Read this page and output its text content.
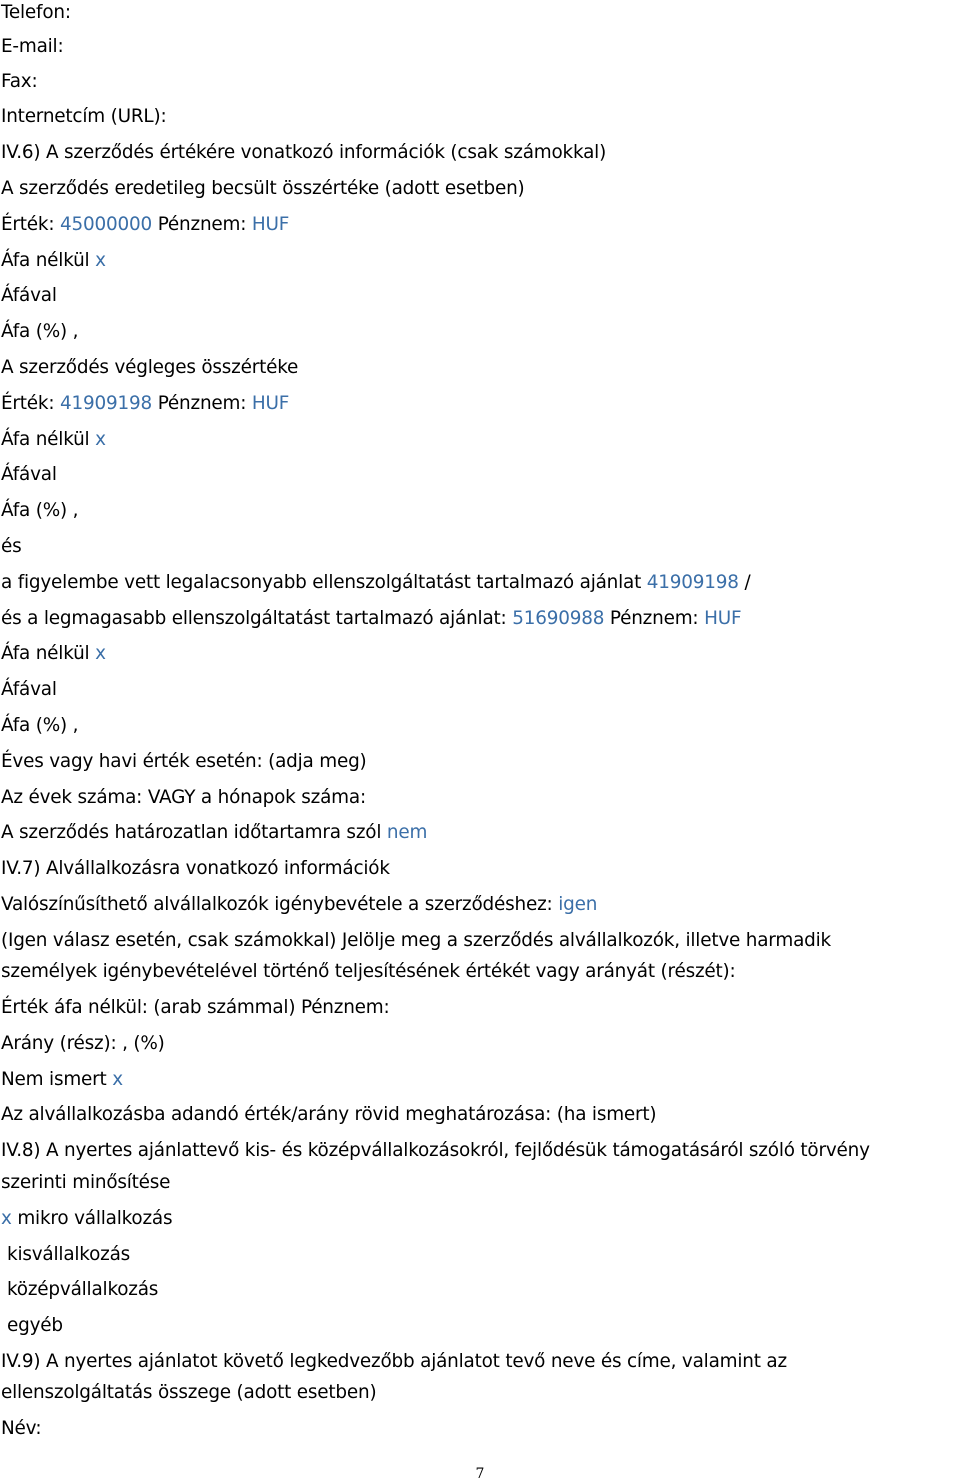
Telefon:
E-mail:
Fax:
Internetcím (URL):
IV.6) A szerződés értékére vonatkozó információk (csak számokkal)
A szerződés eredetileg becsült összértéke (adott esetben)
Érték: 45000000 Pénznem: HUF
Áfa nélkül x
Áfával
Áfa (%) ,
A szerződés végleges összértéke
Érték: 41909198 Pénznem: HUF
Áfa nélkül x
Áfával
Áfa (%) ,
és
a figyelembe vett legalacsonyabb ellenszolgáltatást tartalmazó ajánlat 41909198 /
és a legmagasabb ellenszolgáltatást tartalmazó ajánlat: 51690988 Pénznem: HUF
Áfa nélkül x
Áfával
Áfa (%) ,
Éves vagy havi érték esetén: (adja meg)
Az évek száma: VAGY a hónapok száma:
A szerződés határozatlan időtartamra szól nem
IV.7) Alvállalkozásra vonatkozó információk
Valószínűsíthető alvállalkozók igénybevétele a szerződéshez: igen
(Igen válasz esetén, csak számokkal) Jelölje meg a szerződés alvállalkozók, illetve harmadik
személyek igénybevételével történő teljesítésének értékét vagy arányát (részét):
Érték áfa nélkül: (arab számmal) Pénznem:
Arány (rész): , (%)
Nem ismert x
Az alvállalkozásba adandó érték/arány rövid meghatározása: (ha ismert)
IV.8) A nyertes ajánlattevő kis- és középvállalkozásokról, fejlődésük támogatásáról szóló törvény
szerinti minősítése
x mikro vállalkozás
kisvállalkozás
középvállalkozás
egyéb
IV.9) A nyertes ajánlatot követő legkedvezőbb ajánlatot tevő neve és címe, valamint az
ellenszolgáltatás összege (adott esetben)
Név:
7
